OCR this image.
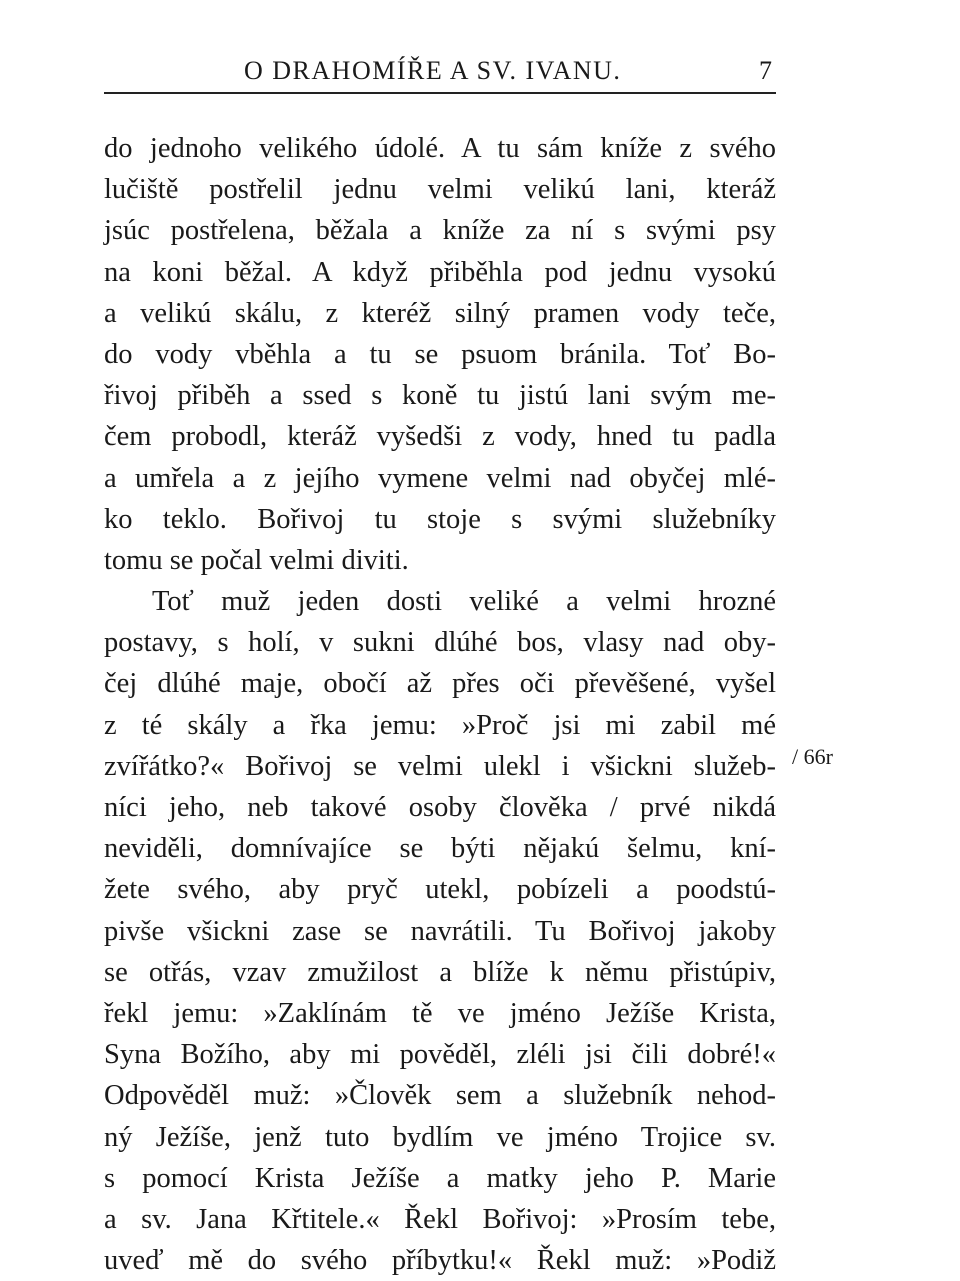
O DRAHOMÍŘE A SV. IVANU.	7
do jednoho velikého údolé. A tu sám kníže z svého
lučiště postřelil jednu velmi velikú lani, kteráž
jsúc postřelena, běžala a kníže za ní s svými psy
na koni běžal. A když přiběhla pod jednu vysokú
a velikú skálu, z kteréž silný pramen vody teče,
do vody vběhla a tu se psuom bránila. Toť Bo-
řivoj přiběh a ssed s koně tu jistú lani svým me-
čem probodl, kteráž vyšedši z vody, hned tu padla
a umřela a z jejího vymene velmi nad obyčej mlé-
ko teklo. Bořivoj tu stoje s svými služebníky
tomu se počal velmi diviti.
Toť muž jeden dosti veliké a velmi hrozné
postavy, s holí, v sukni dlúhé bos, vlasy nad oby-
čej dlúhé maje, obočí až přes oči převěšené, vyšel
z té skály a řka jemu: »Proč jsi mi zabil mé
zvířátko?« Bořivoj se velmi ulekl i všickni služeb-
níci jeho, neb takové osoby člověka / prvé nikdá
neviděli, domnívajíce se býti nějakú šelmu, kní-
žete svého, aby pryč utekl, pobízeli a poodstú-
pivše všickni zase se navrátili. Tu Bořivoj jakoby
se otřás, vzav zmužilost a blíže k němu přistúpiv,
řekl jemu: »Zaklínám tě ve jméno Ježíše Krista,
Syna Božího, aby mi pověděl, zléli jsi čili dobré!«
Odpověděl muž: »Člověk sem a služebník nehod-
ný Ježíše, jenž tuto bydlím ve jméno Trojice sv.
s pomocí Krista Ježíše a matky jeho P. Marie
a sv. Jana Křtitele.« Řekl Bořivoj: »Prosím tebe,
uveď mě do svého příbytku!« Řekl muž: »Podiž
/ 66r
